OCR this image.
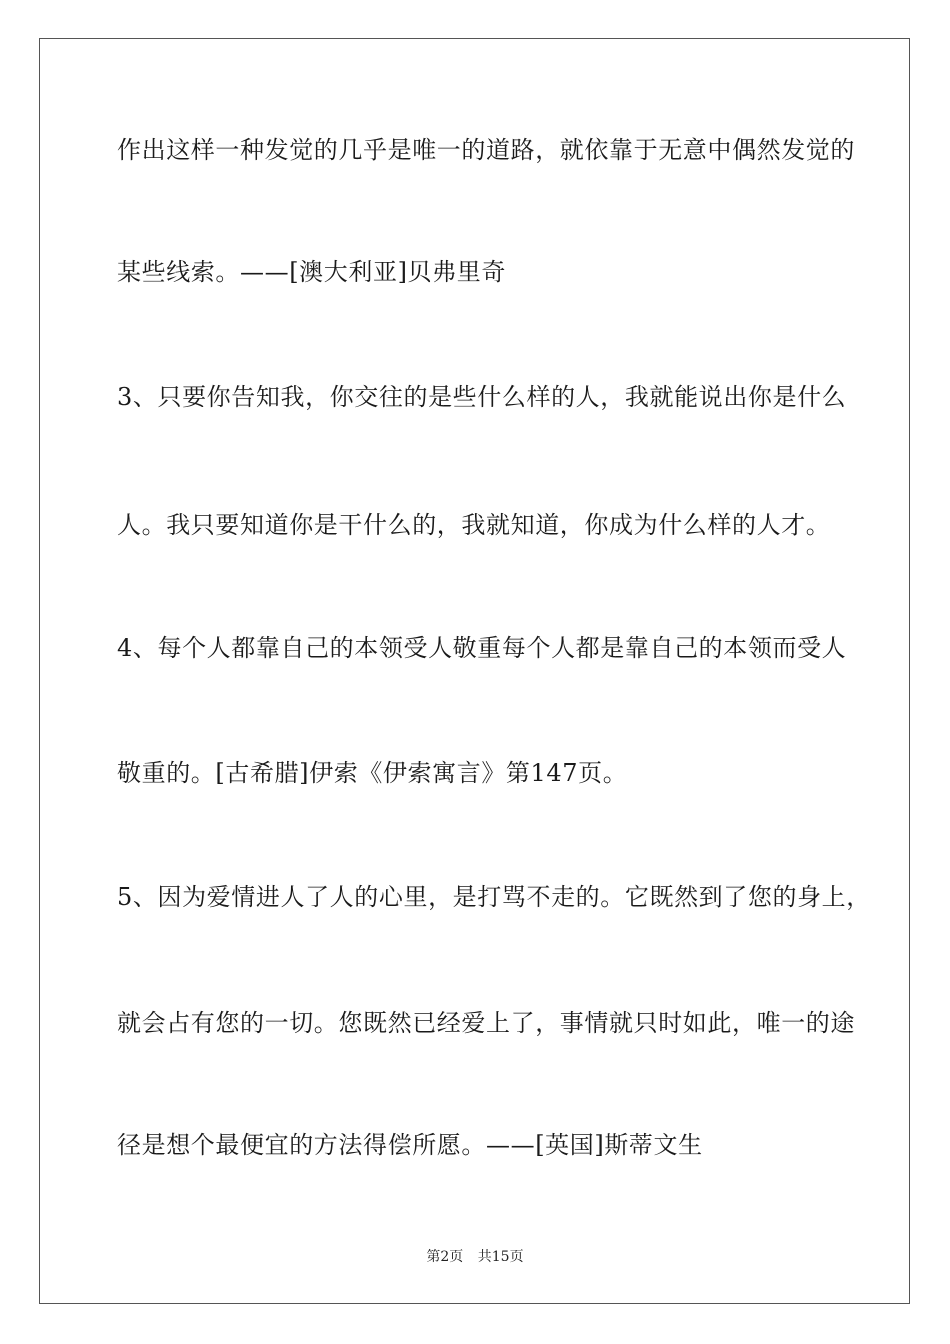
作出这样一种发觉的几乎是唯一的道路，就依靠于无意中偶然发觉的
某些线索。——[澳大利亚]贝弗里奇
3、只要你告知我，你交往的是些什么样的人，我就能说出你是什么
人。我只要知道你是干什么的，我就知道，你成为什么样的人才。
4、每个人都靠自己的本领受人敬重每个人都是靠自己的本领而受人
敬重的。[古希腊]伊索《伊索寓言》第147页。
5、因为爱情进人了人的心里，是打骂不走的。它既然到了您的身上，
就会占有您的一切。您既然已经爱上了，事情就只时如此，唯一的途
径是想个最便宜的方法得偿所愿。——[英国]斯蒂文生
第2页 共15页
